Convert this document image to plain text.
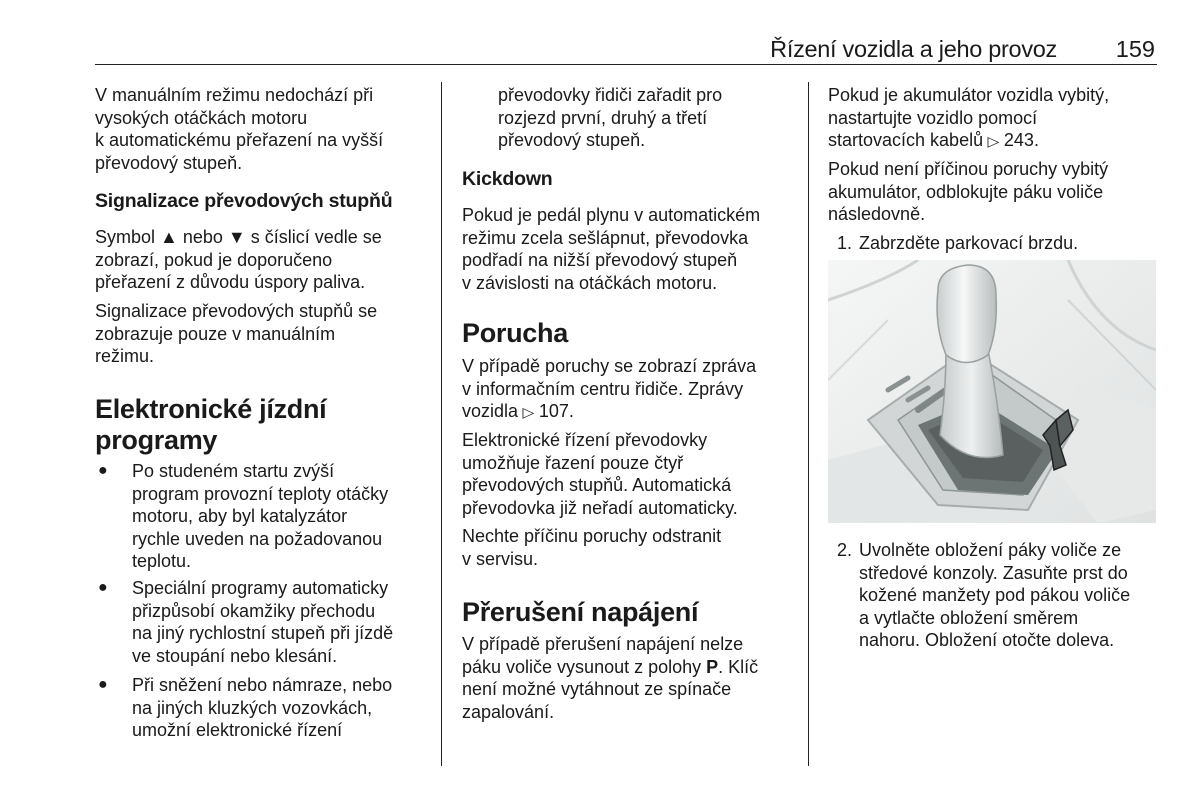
Řízení vozidla a jeho provoz	159

V manuálním režimu nedochází při

vysokých otáčkách motoru

k automatickému přeřazení na vyšší

převodový stupeň.

Signalizace převodových stupňů

Symbol ▲ nebo ▼ s číslicí vedle se

zobrazí, pokud je doporučeno

přeřazení z důvodu úspory paliva.

Signalizace převodových stupňů se

zobrazuje pouze v manuálním

režimu.

Elektronické jízdní
programy
● Po studeném startu zvýší

program provozní teploty otáčky

motoru, aby byl katalyzátor

rychle uveden na požadovanou

teplotu.

● Speciální programy automaticky

přizpůsobí okamžiky přechodu

na jiný rychlostní stupeň při jízdě

ve stoupání nebo klesání.

● Při sněžení nebo námraze, nebo

na jiných kluzkých vozovkách,

umožní elektronické řízení

převodovky řidiči zařadit pro

rozjezd první, druhý a třetí

převodový stupeň.

Kickdown

Pokud je pedál plynu v automatickém

režimu zcela sešlápnut, převodovka

podřadí na nižší převodový stupeň

v závislosti na otáčkách motoru.

Porucha

V případě poruchy se zobrazí zpráva

v informačním centru řidiče. Zprávy

vozidla ▷ 107.

Elektronické řízení převodovky

umožňuje řazení pouze čtyř

převodových stupňů. Automatická

převodovka již neřadí automaticky.

Nechte příčinu poruchy odstranit

v servisu.

Přerušení napájení

V případě přerušení napájení nelze

páku voliče vysunout z polohy P. Klíč

není možné vytáhnout ze spínače

zapalování.

Pokud je akumulátor vozidla vybitý,

nastartujte vozidlo pomocí

startovacích kabelů ▷ 243.

Pokud není příčinou poruchy vybitý

akumulátor, odblokujte páku voliče

následovně.

1. Zabrzděte parkovací brzdu.

2. Uvolněte obložení páky voliče ze

středové konzoly. Zasuňte prst do

kožené manžety pod pákou voliče

a vytlačte obložení směrem

nahoru. Obložení otočte doleva.
